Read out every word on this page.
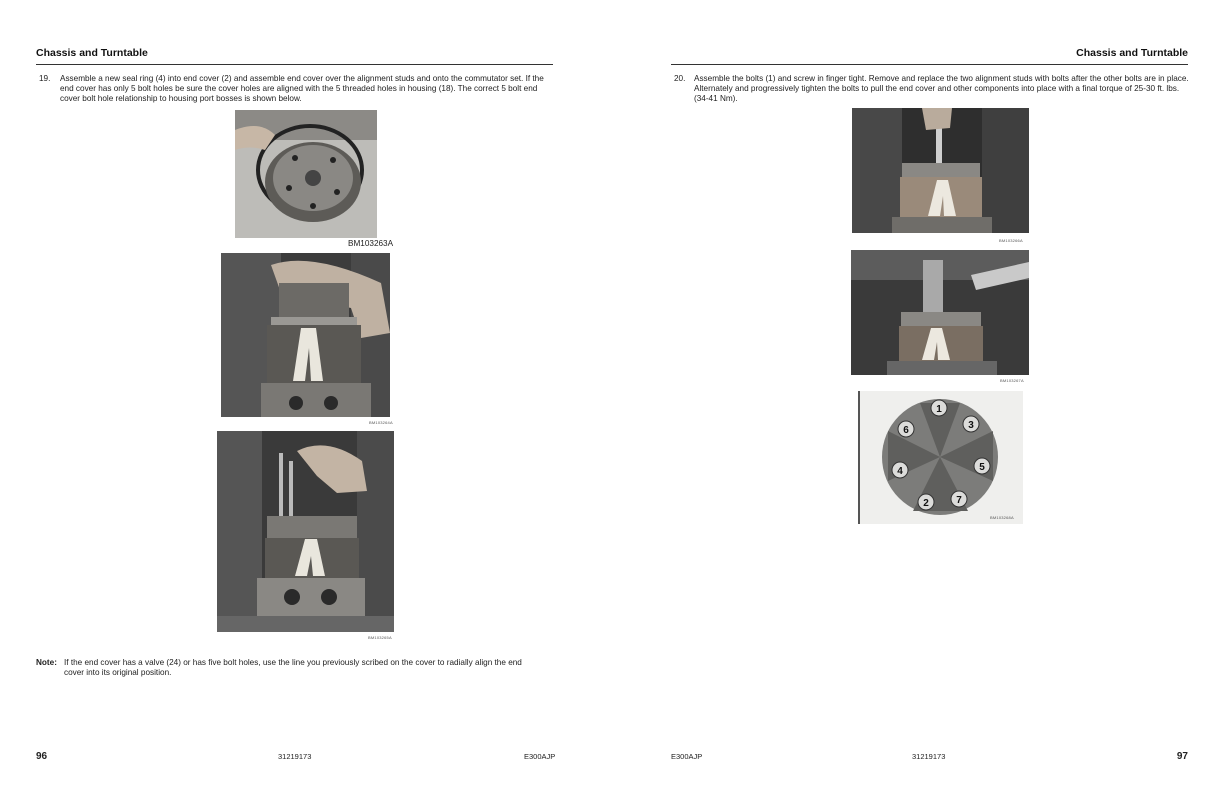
Chassis and Turntable
19. Assemble a new seal ring (4) into end cover (2) and assemble end cover over the alignment studs and onto the commutator set. If the end cover has only 5 bolt holes be sure the cover holes are aligned with the 5 threaded holes in housing (18). The correct 5 bolt end cover bolt hole relationship to housing port bosses is shown below.
BM103263A
BM103264A
BM103265A
Note: If the end cover has a valve (24) or has five bolt holes, use the line you previously scribed on the cover to radially align the end cover into its original position.
96	31219173	E300AJP
Chassis and Turntable
20. Assemble the bolts (1) and screw in finger tight. Remove and replace the two alignment studs with bolts after the other bolts are in place. Alternately and progressively tighten the bolts to pull the end cover and other components into place with a final torque of 25-30 ft. lbs. (34-41 Nm).
BM103266A
BM103267A
1
2
3
4	5
6
7
BM103268A
E300AJP	31219173	97
